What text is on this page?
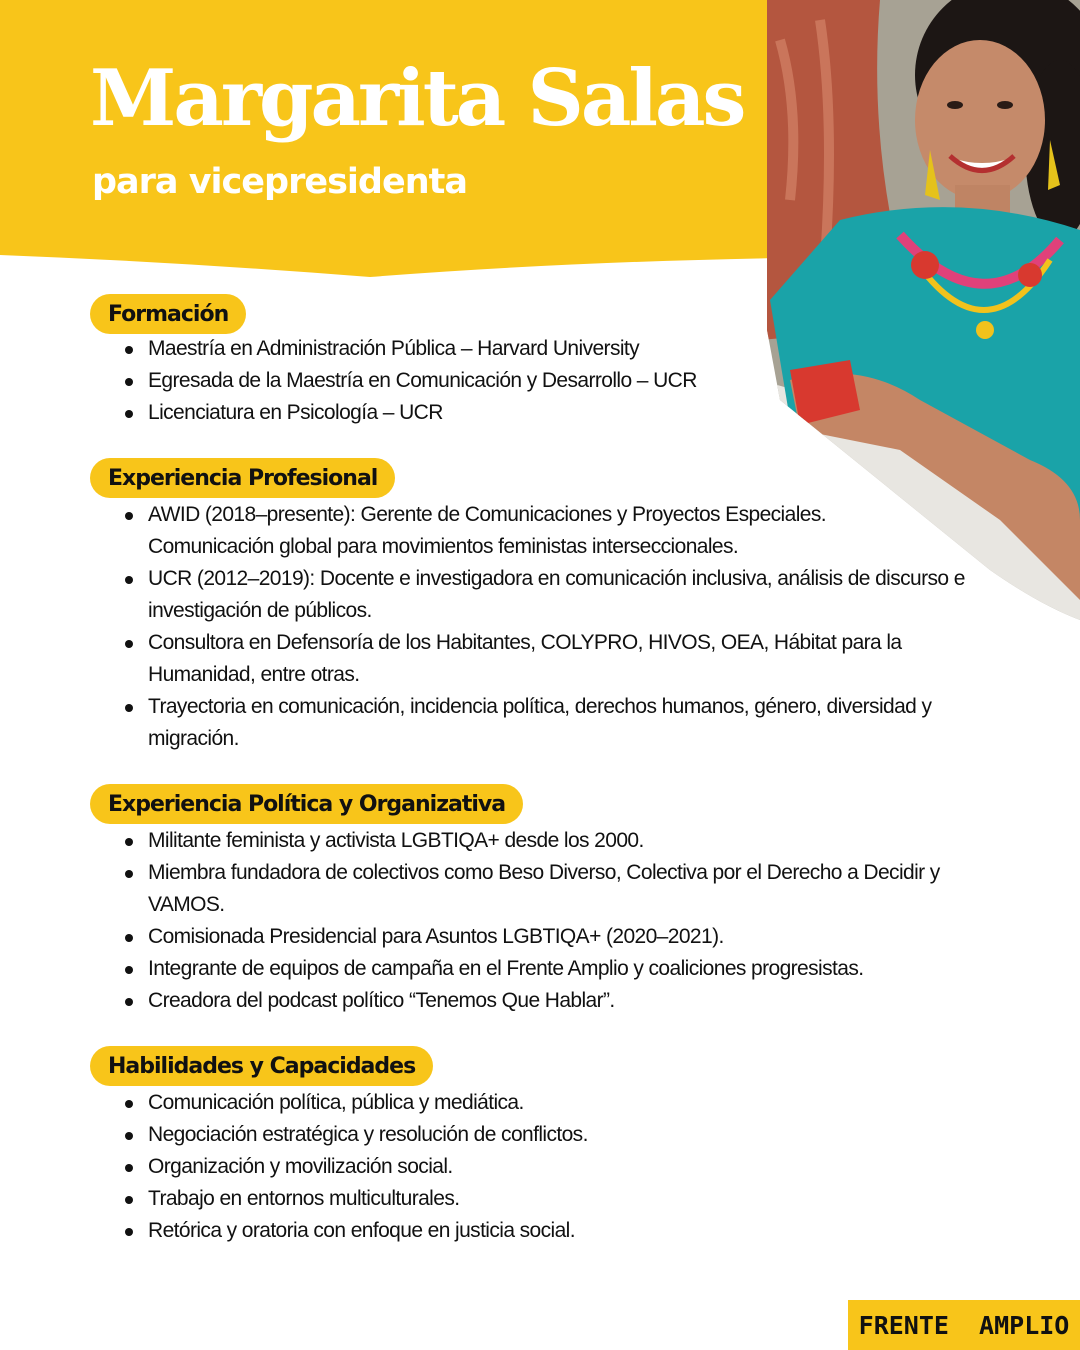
Margarita Salas
para vicepresidenta
Formación
Maestría en Administración Pública – Harvard University
Egresada de la Maestría en Comunicación y Desarrollo – UCR
Licenciatura en Psicología – UCR
Experiencia Profesional
AWID (2018–presente): Gerente de Comunicaciones y Proyectos Especiales. Comunicación global para movimientos feministas interseccionales.
UCR (2012–2019): Docente e investigadora en comunicación inclusiva, análisis de discurso e investigación de públicos.
Consultora en Defensoría de los Habitantes, COLYPRO, HIVOS, OEA, Hábitat para la Humanidad, entre otras.
Trayectoria en comunicación, incidencia política, derechos humanos, género, diversidad y migración.
Experiencia Política y Organizativa
Militante feminista y activista LGBTIQA+ desde los 2000.
Miembra fundadora de colectivos como Beso Diverso, Colectiva por el Derecho a Decidir y VAMOS.
Comisionada Presidencial para Asuntos LGBTIQA+ (2020–2021).
Integrante de equipos de campaña en el Frente Amplio y coaliciones progresistas.
Creadora del podcast político “Tenemos Que Hablar”.
Habilidades y Capacidades
Comunicación política, pública y mediática.
Negociación estratégica y resolución de conflictos.
Organización y movilización social.
Trabajo en entornos multiculturales.
Retórica y oratoria con enfoque en justicia social.
FRENTE  AMPLIO
